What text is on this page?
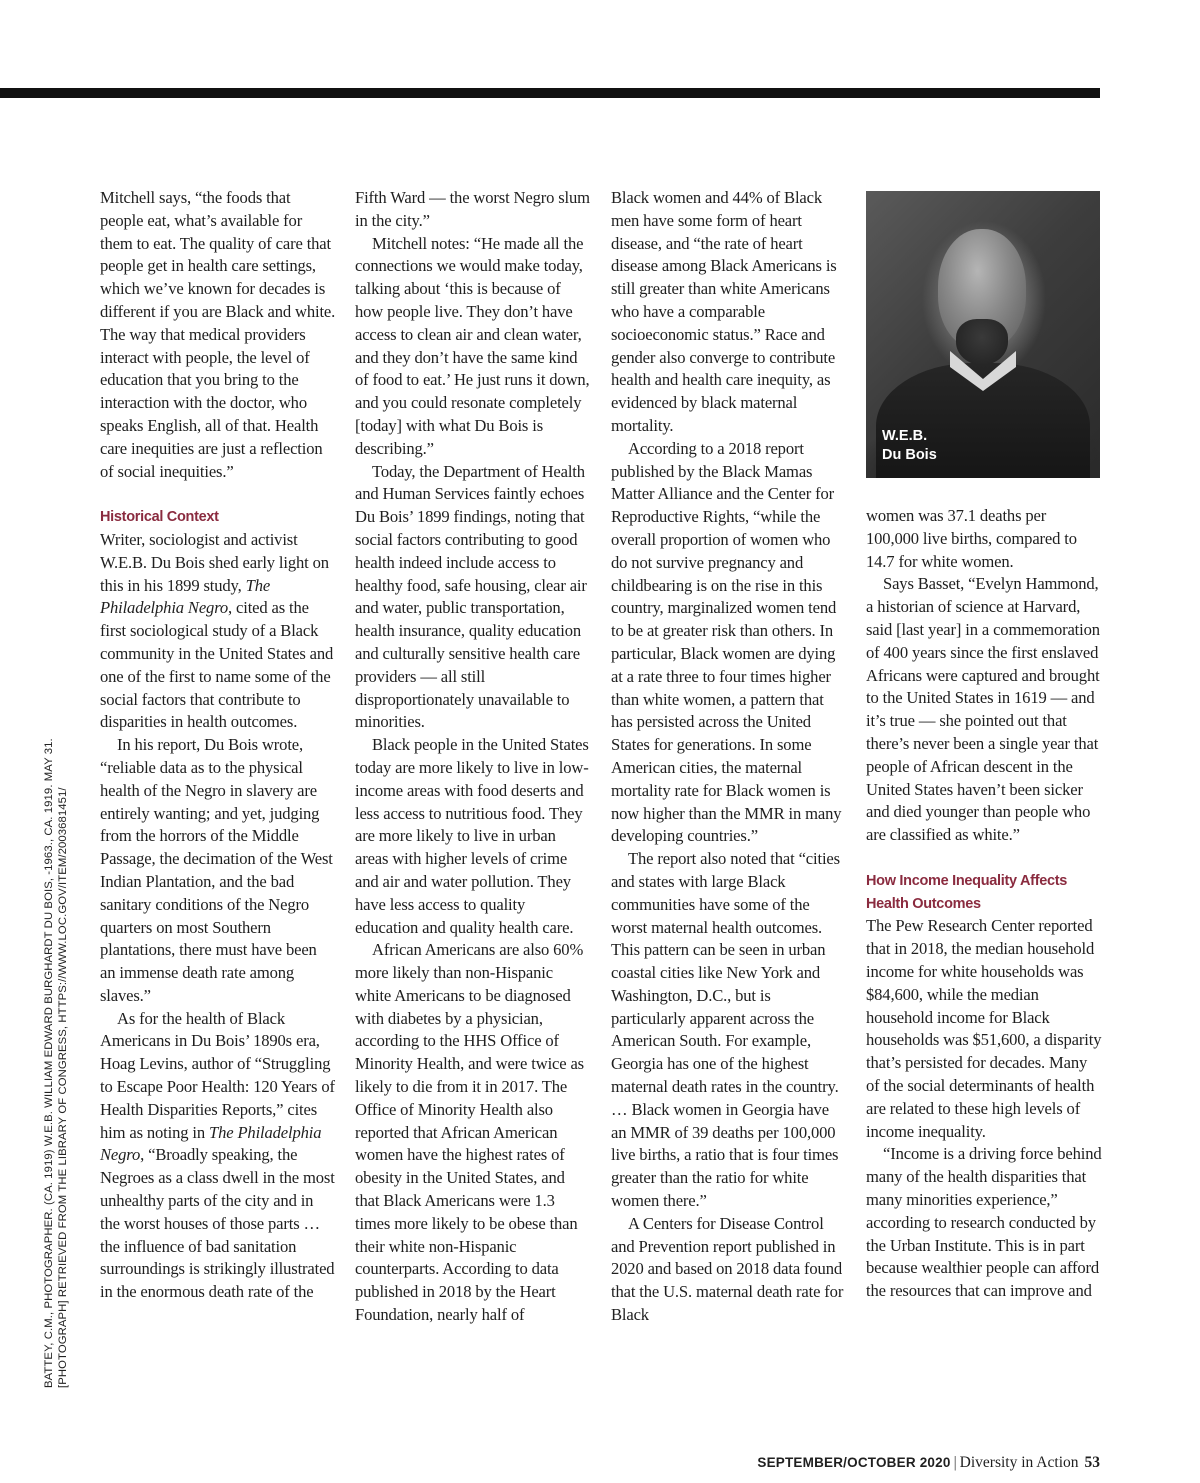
BATTEY, C.M., PHOTOGRAPHER. (CA. 1919) W.E.B. WILLIAM EDWARD BURGHARDT DU BOIS, -1963., CA. 1919. MAY 31. [PHOTOGRAPH] RETRIEVED FROM THE LIBRARY OF CONGRESS, HTTPS://WWW.LOC.GOV/ITEM/2003681451/

Mitchell says, “the foods that people eat, what’s available for them to eat. The quality of care that people get in health care settings, which we’ve known for decades is different if you are Black and white. The way that medical providers interact with people, the level of education that you bring to the interaction with the doctor, who speaks English, all of that. Health care inequities are just a reflection of social inequities.”

Historical Context

Writer, sociologist and activist W.E.B. Du Bois shed early light on this in his 1899 study, The Philadelphia Negro, cited as the first sociological study of a Black community in the United States and one of the first to name some of the social factors that contribute to disparities in health outcomes.

In his report, Du Bois wrote, “reliable data as to the physical health of the Negro in slavery are entirely wanting; and yet, judging from the horrors of the Middle Passage, the decimation of the West Indian Plantation, and the bad sanitary conditions of the Negro quarters on most Southern plantations, there must have been an immense death rate among slaves.”

As for the health of Black Americans in Du Bois’ 1890s era, Hoag Levins, author of “Struggling to Escape Poor Health: 120 Years of Health Disparities Reports,” cites him as noting in The Philadelphia Negro, “Broadly speaking, the Negroes as a class dwell in the most unhealthy parts of the city and in the worst houses of those parts … the influence of bad sanitation surroundings is strikingly illustrated in the enormous death rate of the

Fifth Ward — the worst Negro slum in the city.”

Mitchell notes: “He made all the connections we would make today, talking about ‘this is because of how people live. They don’t have access to clean air and clean water, and they don’t have the same kind of food to eat.’ He just runs it down, and you could resonate completely [today] with what Du Bois is describing.”

Today, the Department of Health and Human Services faintly echoes Du Bois’ 1899 findings, noting that social factors contributing to good health indeed include access to healthy food, safe housing, clear air and water, public transportation, health insurance, quality education and culturally sensitive health care providers — all still disproportionately unavailable to minorities.

Black people in the United States today are more likely to live in low-income areas with food deserts and less access to nutritious food. They are more likely to live in urban areas with higher levels of crime and air and water pollution. They have less access to quality education and quality health care.

African Americans are also 60% more likely than non-Hispanic white Americans to be diagnosed with diabetes by a physician, according to the HHS Office of Minority Health, and were twice as likely to die from it in 2017. The Office of Minority Health also reported that African American women have the highest rates of obesity in the United States, and that Black Americans were 1.3 times more likely to be obese than their white non-Hispanic counterparts. According to data published in 2018 by the Heart Foundation, nearly half of

Black women and 44% of Black men have some form of heart disease, and “the rate of heart disease among Black Americans is still greater than white Americans who have a comparable socioeconomic status.” Race and gender also converge to contribute health and health care inequity, as evidenced by black maternal mortality.

According to a 2018 report published by the Black Mamas Matter Alliance and the Center for Reproductive Rights, “while the overall proportion of women who do not survive pregnancy and childbearing is on the rise in this country, marginalized women tend to be at greater risk than others. In particular, Black women are dying at a rate three to four times higher than white women, a pattern that has persisted across the United States for generations. In some American cities, the maternal mortality rate for Black women is now higher than the MMR in many developing countries.”

The report also noted that “cities and states with large Black communities have some of the worst maternal health outcomes. This pattern can be seen in urban coastal cities like New York and Washington, D.C., but is particularly apparent across the American South. For example, Georgia has one of the highest maternal death rates in the country. … Black women in Georgia have an MMR of 39 deaths per 100,000 live births, a ratio that is four times greater than the ratio for white women there.”

A Centers for Disease Control and Prevention report published in 2020 and based on 2018 data found that the U.S. maternal death rate for Black

W.E.B.
Du Bois

women was 37.1 deaths per 100,000 live births, compared to 14.7 for white women.

Says Basset, “Evelyn Hammond, a historian of science at Harvard, said [last year] in a commemoration of 400 years since the first enslaved Africans were captured and brought to the United States in 1619 — and it’s true — she pointed out that there’s never been a single year that people of African descent in the United States haven’t been sicker and died younger than people who are classified as white.”

How Income Inequality Affects Health Outcomes

The Pew Research Center reported that in 2018, the median household income for white households was $84,600, while the median household income for Black households was $51,600, a disparity that’s persisted for decades. Many of the social determinants of health are related to these high levels of income inequality.

“Income is a driving force behind many of the health disparities that many minorities experience,” according to research conducted by the Urban Institute. This is in part because wealthier people can afford the resources that can improve and

SEPTEMBER/OCTOBER 2020 | Diversity in Action 53
